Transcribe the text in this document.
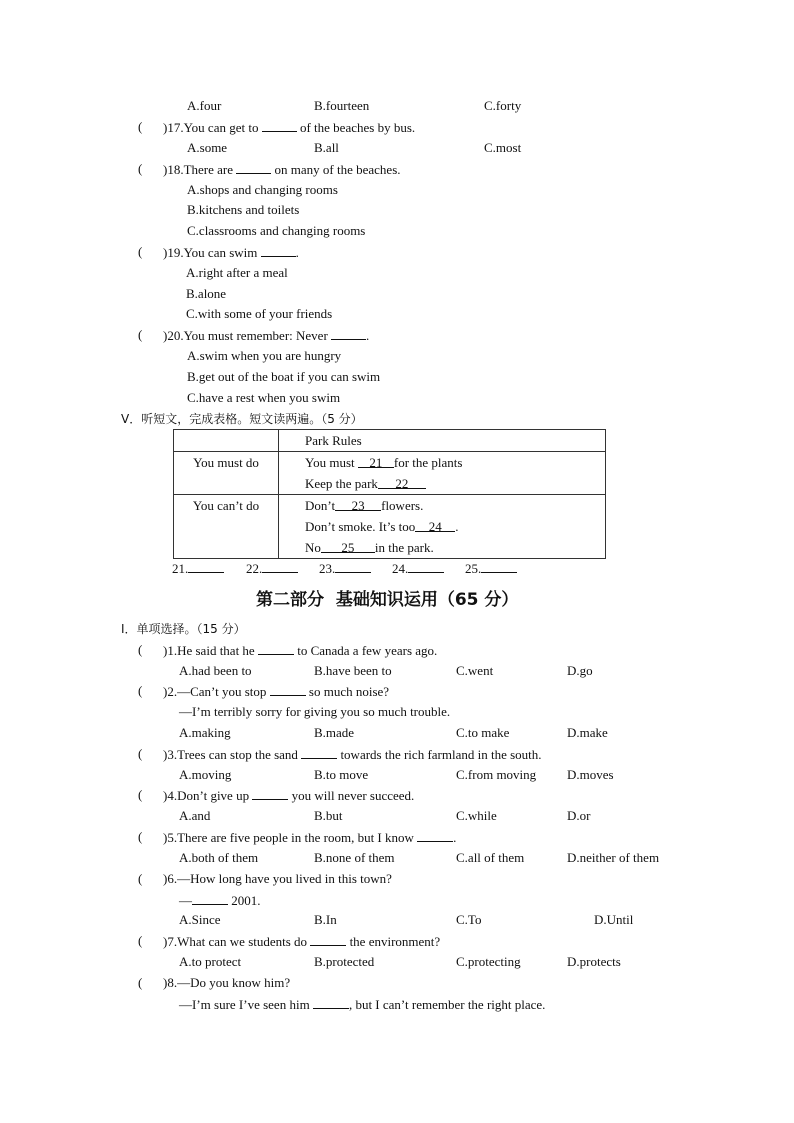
A.four	B.fourteen	C.forty
( )17.You can get to	of the beaches by bus.
A.some	B.all	C.most
( )18.There are	on many of the beaches.
A.shops and changing rooms
B.kitchens and toilets
C.classrooms and changing rooms
( )19.You can swim	.
A.right after a meal
B.alone
C.with some of your friends
( )20.You must remember: Never	.
A.swim when you are hungry
B.get out of the boat if you can swim
C.have a rest when you swim
V．听短文，完成表格。短文读两遍。（5 分）
	Park Rules
You must do	You must 21 for the plants
Keep the park 22

You can’t do	Don’t 23 flowers.
Don’t smoke. It’s too 24 .
No 25 in the park.
21.	22.	23.	24.	25.
第二部分  基础知识运用（65 分）
Ⅰ．单项选择。（15 分）
( )1.He said that he	to Canada a few years ago.
A.had been to	B.have been to	C.went	D.go
( )2.—Can’t you stop	so much noise?
—I’m terribly sorry for giving you so much trouble.
A.making	B.made	C.to make	D.make
( )3.Trees can stop the sand	towards the rich farmland in the south.
A.moving	B.to move	C.from moving D.moves
( )4.Don’t give up	you will never succeed.
A.and	B.but	C.while	D.or
( )5.There are five people in the room, but I know	.
A.both of them	B.none of them	C.all of them	D.neither of them
( )6.—How long have you lived in this town?
—	2001.
A.Since	B.In	C.To	D.Until
( )7.What can we students do	the environment?
A.to protect	B.protected	C.protecting	D.protects
( )8.—Do you know him?
—I’m sure I’ve seen him	, but I can’t remember the right place.
